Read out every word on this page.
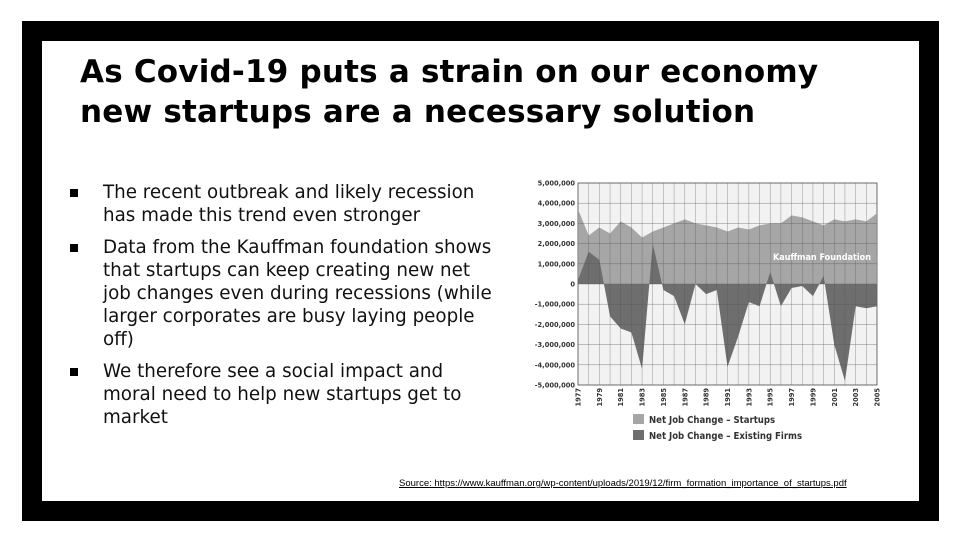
As Covid-19 puts a strain on our economy
new startups are a necessary solution
The recent outbreak and likely recession has made this trend even stronger
Data from the Kauffman foundation shows that startups can keep creating new net job changes even during recessions (while larger corporates are busy laying people off)
We therefore see a social impact and moral need to help new startups get to market
5,000,000
4,000,000
3,000,000
2,000,000
1,000,000
0
-1,000,000
-2,000,000
-3,000,000
-4,000,000
-5,000,000
1977 1979 1981 1983 1985 1987 1989 1991 1993 1995 1997 1999 2001 2003 2005
Kauffman Foundation
Net Job Change – Startups
Net Job Change – Existing Firms
Source: https://www.kauffman.org/wp-content/uploads/2019/12/firm_formation_importance_of_startups.pdf
